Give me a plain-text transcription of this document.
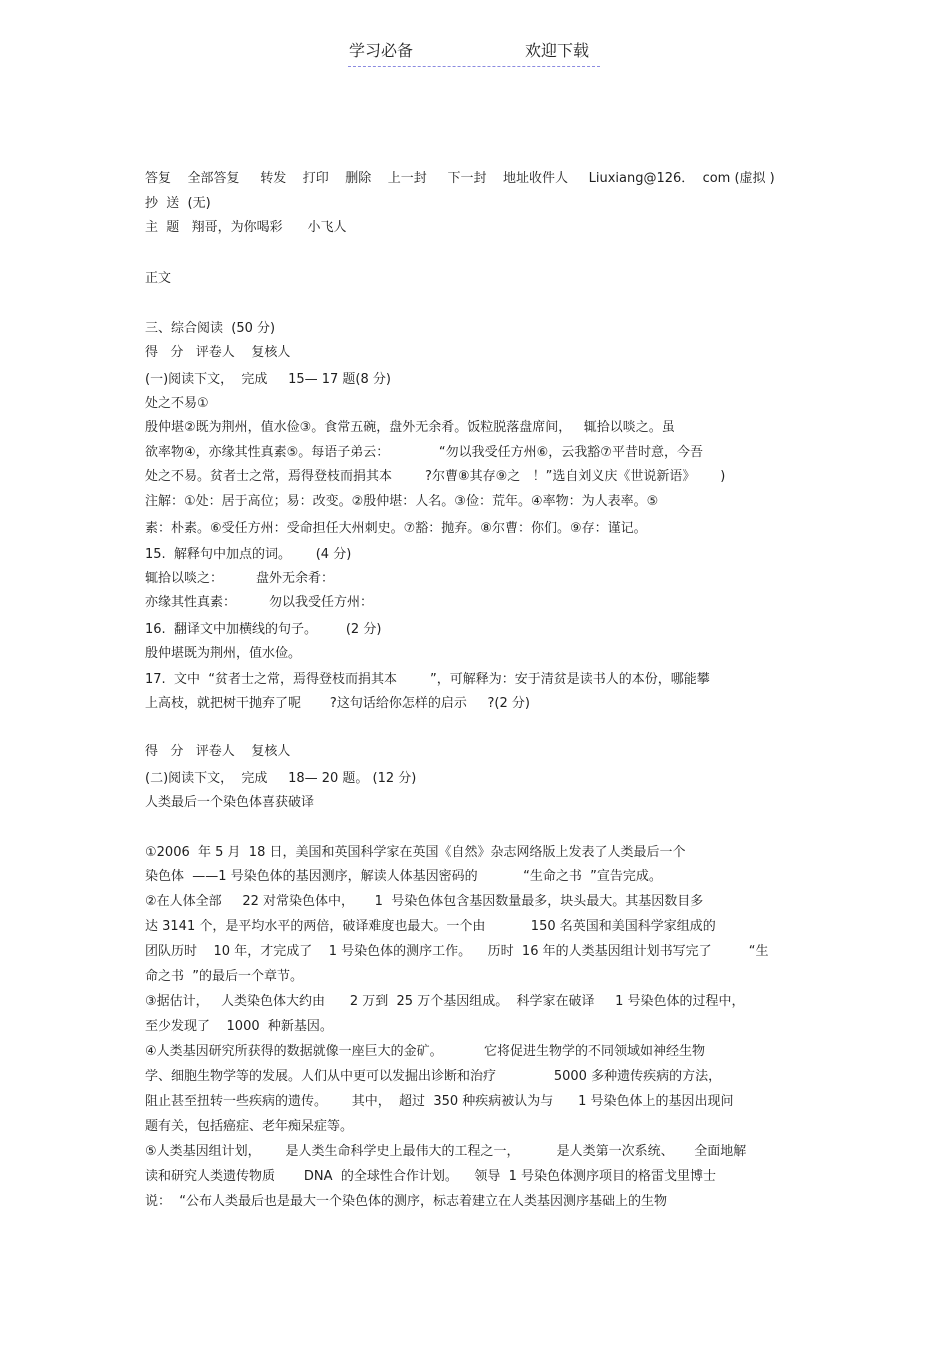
学习必备	欢迎下载
答复    全部答复     转发    打印    删除    上一封     下一封    地址收件人     Liuxiang@126．  com (虚拟 )
抄  送  (无)
主  题   翔哥，为你喝彩      小飞人
正文
三、综合阅读  (50 分)
得   分   评卷人    复核人
(一)阅读下文，  完成     15— 17 题(8 分)
处之不易①
殷仲堪②既为荆州，值水俭③。食常五碗，盘外无余肴。饭粒脱落盘席间，   辄拾以啖之。虽
欲率物④，亦缘其性真素⑤。每语子弟云：            “勿以我受任方州⑥，云我豁⑦平昔时意，今吾
处之不易。贫者士之常，焉得登枝而捐其本        ?尔曹⑧其存⑨之   ！”选自刘义庆《世说新语》      )
注解：①处：居于高位；易：改变。②殷仲堪：人名。③俭：荒年。④率物：为人表率。⑤
素：朴素。⑥受任方州：受命担任大州刺史。⑦豁：抛弃。⑧尔曹：你们。⑨存：谨记。
15.  解释句中加点的词。      (4 分)
辄拾以啖之：        盘外无余肴：
亦缘其性真素：        勿以我受任方州：
16.  翻译文中加横线的句子。       (2 分)
殷仲堪既为荆州，值水俭。
17.  文中  “贫者士之常，焉得登枝而捐其本        ”，可解释为：安于清贫是读书人的本份，哪能攀
上高枝，就把树干抛弃了呢       ?这句话给你怎样的启示     ?(2 分)
得   分   评卷人    复核人
(二)阅读下文，  完成     18— 20 题。 (12 分)
人类最后一个染色体喜获破译
①2006  年 5 月  18 日，美国和英国科学家在英国《自然》杂志网络版上发表了人类最后一个
染色体  ——1 号染色体的基因测序，解读人体基因密码的           “生命之书  ”宣告完成。
②在人体全部     22 对常染色体中，     1  号染色体包含基因数量最多，块头最大。其基因数目多
达 3141 个，是平均水平的两倍，破译难度也最大。一个由           150 名英国和美国科学家组成的
团队历时    10 年，才完成了    1 号染色体的测序工作。    历时  16 年的人类基因组计划书写完了         “生
命之书  ”的最后一个章节。
③据估计，   人类染色体大约由      2 万到  25 万个基因组成。  科学家在破译     1 号染色体的过程中，
至少发现了    1000  种新基因。
④人类基因研究所获得的数据就像一座巨大的金矿。          它将促进生物学的不同领域如神经生物
学、细胞生物学等的发展。人们从中更可以发掘出诊断和治疗              5000 多种遗传疾病的方法，
阻止甚至扭转一些疾病的遗传。      其中，  超过  350 种疾病被认为与      1 号染色体上的基因出现问
题有关，包括癌症、老年痴呆症等。
⑤人类基因组计划，      是人类生命科学史上最伟大的工程之一，         是人类第一次系统、     全面地解
读和研究人类遗传物质       DNA  的全球性合作计划。    领导  1 号染色体测序项目的格雷戈里博士
说：  “公布人类最后也是最大一个染色体的测序，标志着建立在人类基因测序基础上的生物
